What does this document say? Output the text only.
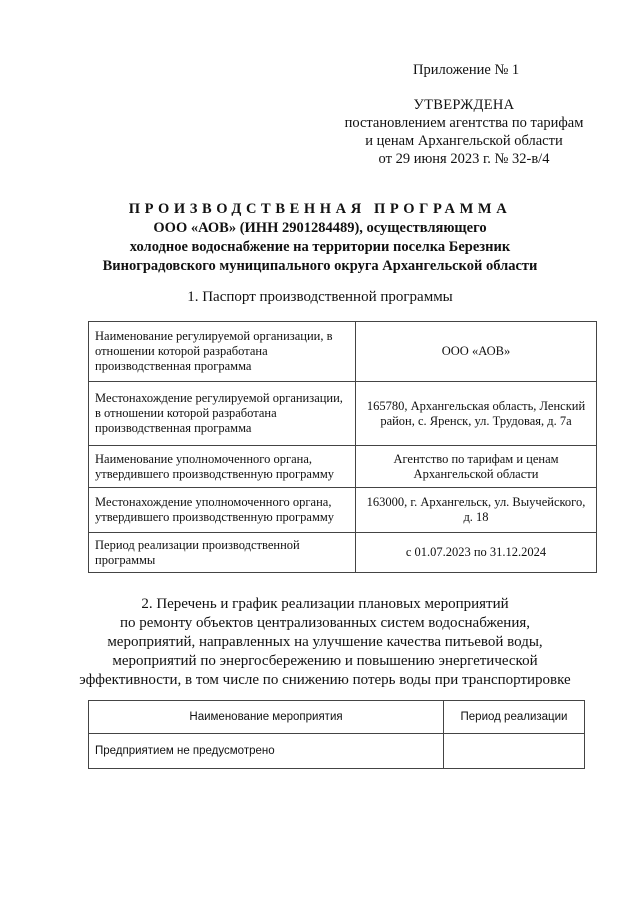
Приложение № 1
УТВЕРЖДЕНА
постановлением агентства по тарифам
и ценам Архангельской области
от 29 июня 2023 г. № 32-в/4
ПРОИЗВОДСТВЕННАЯ ПРОГРАММА
ООО «АОВ» (ИНН 2901284489), осуществляющего
холодное водоснабжение на территории поселка Березник
Виноградовского муниципального округа Архангельской области
1. Паспорт производственной программы
Наименование регулируемой организации, в отношении которой разработана производственная программа	ООО «АОВ»
Местонахождение регулируемой организации, в отношении которой разработана производственная программа	165780, Архангельская область, Ленский район, с. Яренск, ул. Трудовая, д. 7а
Наименование уполномоченного органа, утвердившего производственную программу	Агентство по тарифам и ценам Архангельской области
Местонахождение уполномоченного органа, утвердившего производственную программу	163000, г. Архангельск, ул. Выучейского, д. 18
Период реализации производственной программы	с 01.07.2023 по 31.12.2024
2. Перечень и график реализации плановых мероприятий
по ремонту объектов централизованных систем водоснабжения,
мероприятий, направленных на улучшение качества питьевой воды,
мероприятий по энергосбережению и повышению энергетической
эффективности, в том числе по снижению потерь воды при транспортировке
Наименование мероприятия	Период реализации
Предприятием не предусмотрено	
